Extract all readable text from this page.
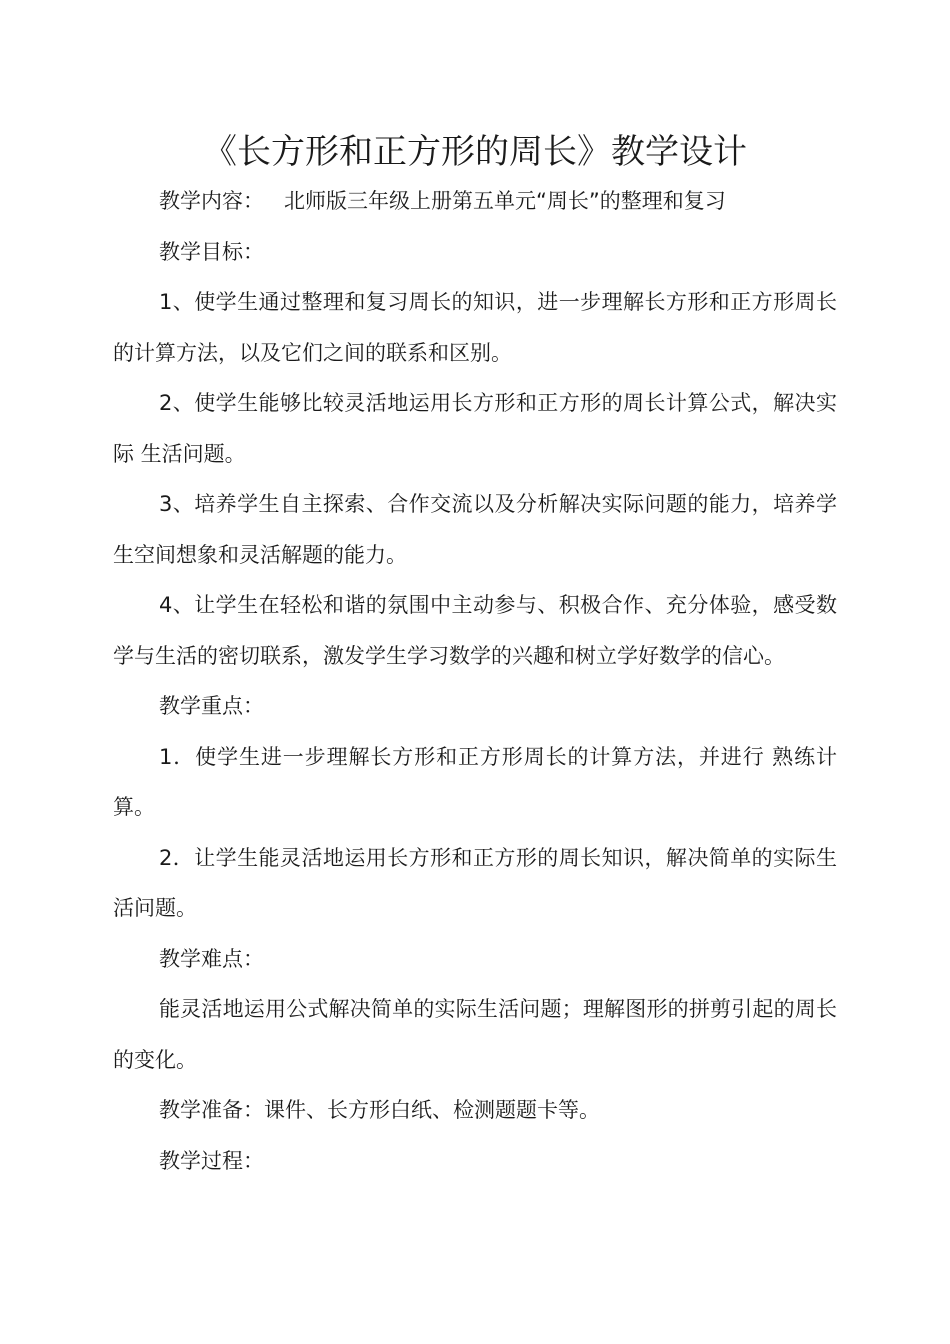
《长方形和正方形的周长》教学设计

教学内容： 北师版三年级上册第五单元“周长”的整理和复习

教学目标：

1、使学生通过整理和复习周长的知识，进一步理解长方形和正方形周长的计算方法，以及它们之间的联系和区别。

2、使学生能够比较灵活地运用长方形和正方形的周长计算公式，解决实际 生活问题。

3、培养学生自主探索、合作交流以及分析解决实际问题的能力，培养学生空间想象和灵活解题的能力。

4、让学生在轻松和谐的氛围中主动参与、积极合作、充分体验，感受数学与生活的密切联系，激发学生学习数学的兴趣和树立学好数学的信心。

教学重点：

1．使学生进一步理解长方形和正方形周长的计算方法，并进行 熟练计算。

2．让学生能灵活地运用长方形和正方形的周长知识，解决简单的实际生活问题。

教学难点：

能灵活地运用公式解决简单的实际生活问题；理解图形的拼剪引起的周长的变化。

教学准备：课件、长方形白纸、检测题题卡等。

教学过程：
